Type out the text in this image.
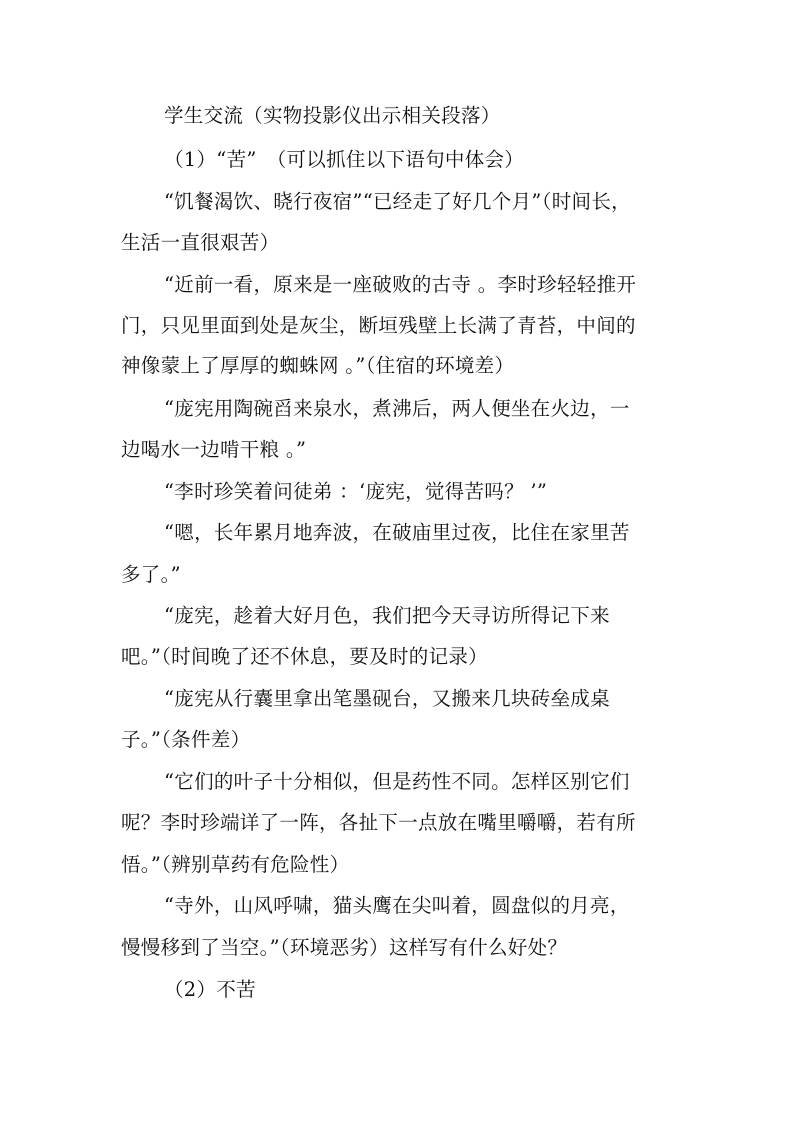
学生交流（实物投影仪出示相关段落）
（1）“苦”　（可以抓住以下语句中体会）
“饥餐渴饮、晓行夜宿”“已经走了好几个月”（时间长，
生活一直很艰苦）
“近前一看，原来是一座破败的古寺 。李时珍轻轻推开
门，只见里面到处是灰尘，断垣残壁上长满了青苔，中间的
神像蒙上了厚厚的蜘蛛网 。”（住宿的环境差）
“庞宪用陶碗舀来泉水，煮沸后，两人便坐在火边，一
边喝水一边啃干粮 。”
“李时珍笑着问徒弟 ：‘庞宪，觉得苦吗？ ’”
“嗯，长年累月地奔波，在破庙里过夜，比住在家里苦
多了。”
“庞宪，趁着大好月色，我们把今天寻访所得记下来
吧。”（时间晚了还不休息，要及时的记录）
“庞宪从行囊里拿出笔墨砚台，又搬来几块砖垒成桌
子。”（条件差）
“它们的叶子十分相似，但是药性不同。怎样区别它们
呢？李时珍端详了一阵，各扯下一点放在嘴里嚼嚼，若有所
悟。”（辨别草药有危险性）
“寺外，山风呼啸，猫头鹰在尖叫着，圆盘似的月亮，
慢慢移到了当空。”（环境恶劣）这样写有什么好处？
（2）不苦
